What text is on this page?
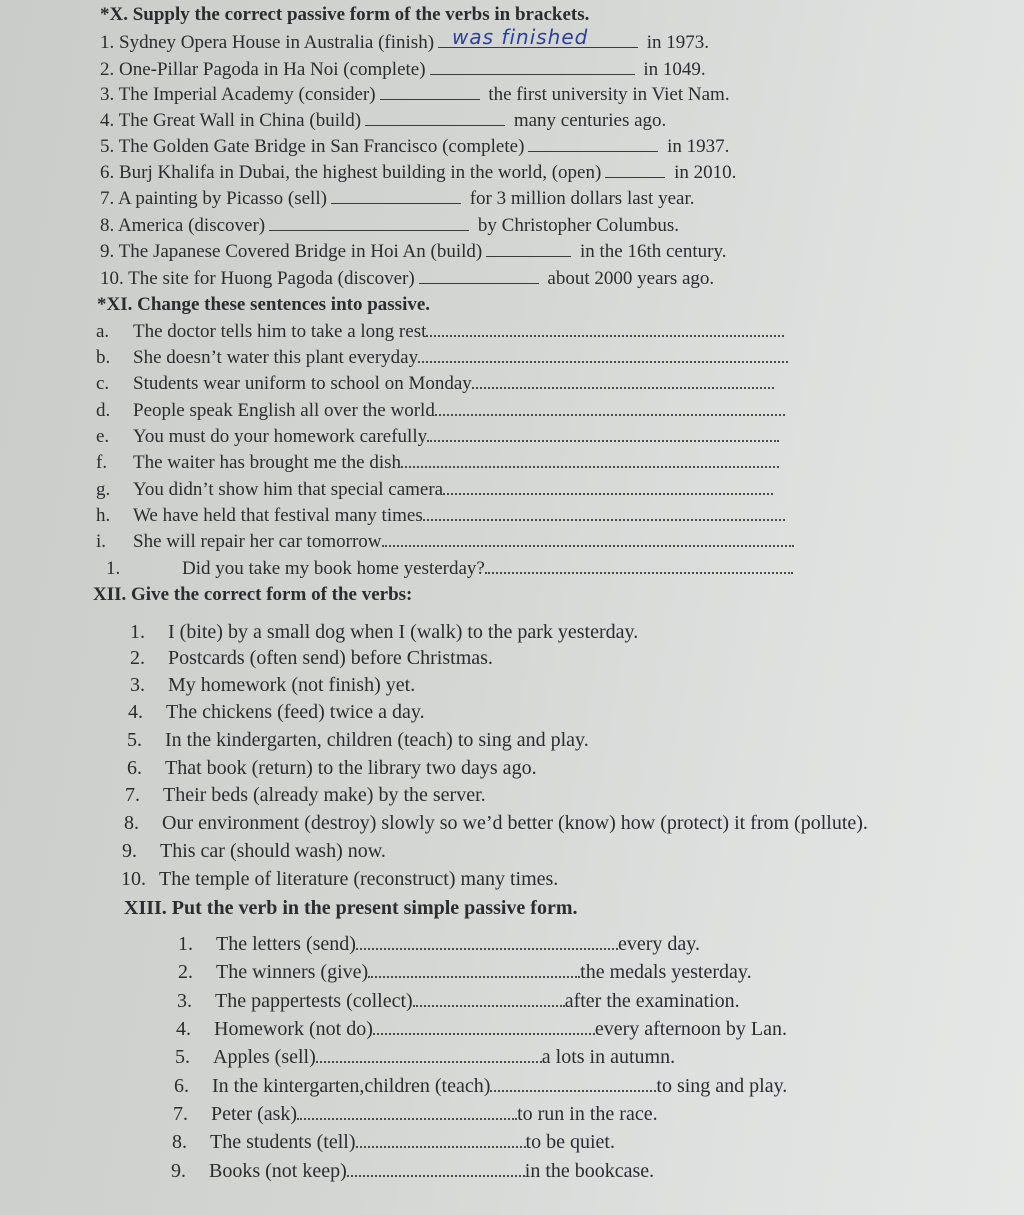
*X. Supply the correct passive form of the verbs in brackets.
1. Sydney Opera House in Australia (finish) was finished	in 1973.
2. One-Pillar Pagoda in Ha Noi (complete)	in 1049.
3. The Imperial Academy (consider)	the first university in Viet Nam.
4. The Great Wall in China (build)	many centuries ago.
5. The Golden Gate Bridge in San Francisco (complete)	in 1937.
6. Burj Khalifa in Dubai, the highest building in the world, (open)	in 2010.
7. A painting by Picasso (sell)	for 3 million dollars last year.
8. America (discover)	by Christopher Columbus.
9. The Japanese Covered Bridge in Hoi An (build)	in the 16th century.
10. The site for Huong Pagoda (discover)	about 2000 years ago.
*XI. Change these sentences into passive.
a. The doctor tells him to take a long rest
b. She doesn’t water this plant everyday
c. Students wear uniform to school on Monday
d. People speak English all over the world
e. You must do your homework carefully
f. The waiter has brought me the dish
g. You didn’t show him that special camera
h. We have held that festival many times
i. She will repair her car tomorrow
1.	Did you take my book home yesterday?
XII. Give the correct form of the verbs:
1. I (bite) by a small dog when I (walk) to the park yesterday.
2. Postcards (often send) before Christmas.
3. My homework (not finish) yet.
4. The chickens (feed) twice a day.
5. In the kindergarten, children (teach) to sing and play.
6. That book (return) to the library two days ago.
7. Their beds (already make) by the server.
8. Our environment (destroy) slowly so we’d better (know) how (protect) it from (pollute).
9. This car (should wash) now.
10. The temple of literature (reconstruct) many times.
XIII. Put the verb in the present simple passive form.
1. The letters (send)	every day.
2. The winners (give)	the medals yesterday.
3. The pappertests (collect)	after the examination.
4. Homework (not do)	every afternoon by Lan.
5. Apples (sell)	a lots in autumn.
6. In the kintergarten,children (teach)	to sing and play.
7. Peter (ask)	to run in the race.
8. The students (tell)	to be quiet.
9. Books (not keep)	in the bookcase.
